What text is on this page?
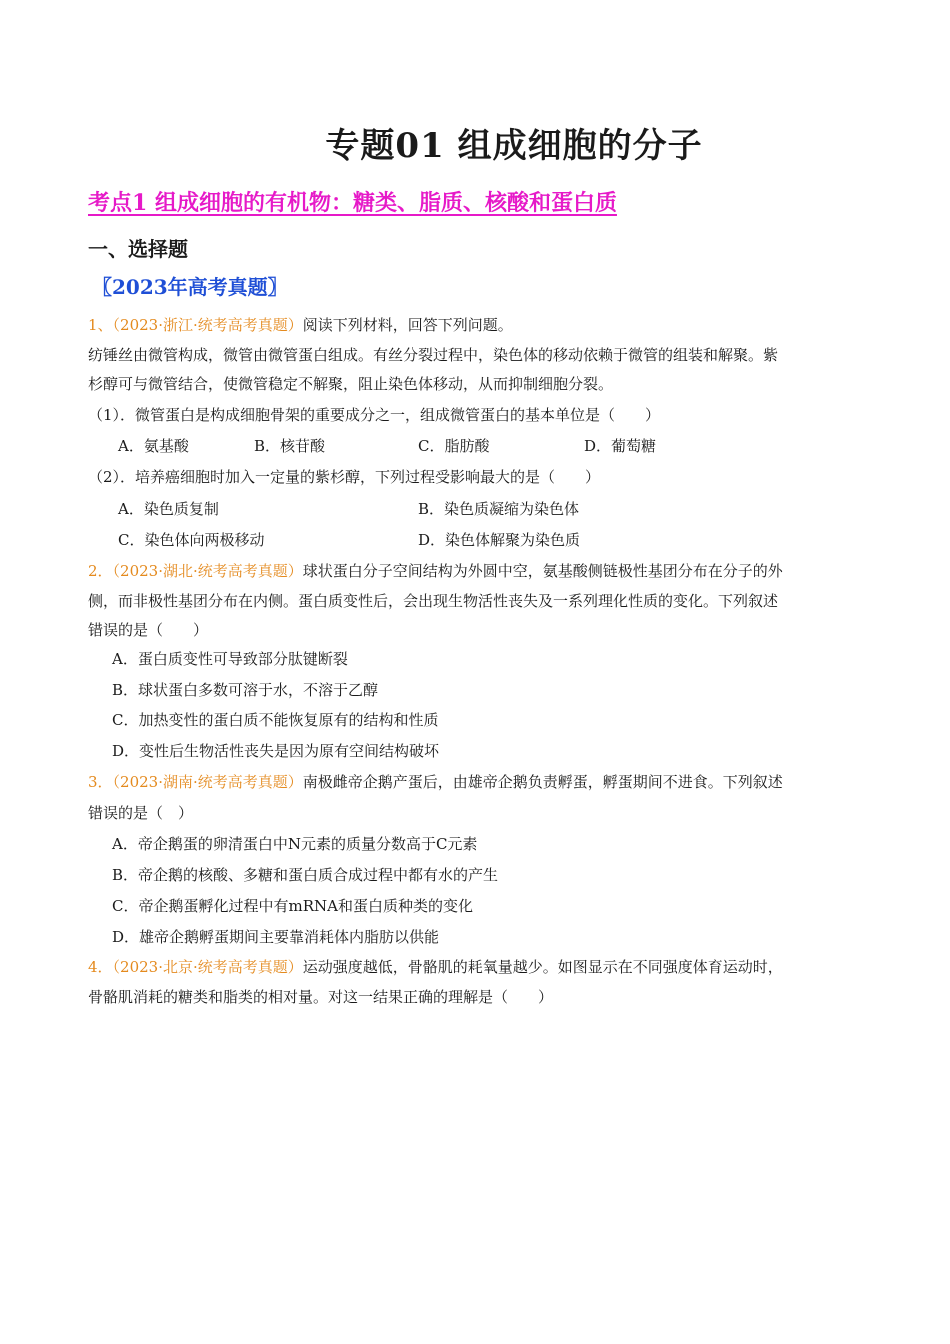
专题01 组成细胞的分子
考点1 组成细胞的有机物：糖类、脂质、核酸和蛋白质
一、选择题
〖2023年高考真题〗
1、（2023·浙江·统考高考真题）阅读下列材料，回答下列问题。
纺锤丝由微管构成，微管由微管蛋白组成。有丝分裂过程中，染色体的移动依赖于微管的组装和解聚。紫
杉醇可与微管结合，使微管稳定不解聚，阻止染色体移动，从而抑制细胞分裂。
（1）．微管蛋白是构成细胞骨架的重要成分之一，组成微管蛋白的基本单位是（　　）
A．氨基酸	B．核苷酸	C．脂肪酸	D．葡萄糖
（2）．培养癌细胞时加入一定量的紫杉醇，下列过程受影响最大的是（　　）
A．染色质复制	B．染色质凝缩为染色体
C．染色体向两极移动	D．染色体解聚为染色质
2．（2023·湖北·统考高考真题）球状蛋白分子空间结构为外圆中空，氨基酸侧链极性基团分布在分子的外
侧，而非极性基团分布在内侧。蛋白质变性后，会出现生物活性丧失及一系列理化性质的变化。下列叙述
错误的是（　　）
A．蛋白质变性可导致部分肽键断裂
B．球状蛋白多数可溶于水，不溶于乙醇
C．加热变性的蛋白质不能恢复原有的结构和性质
D．变性后生物活性丧失是因为原有空间结构破坏
3．（2023·湖南·统考高考真题）南极雌帝企鹅产蛋后，由雄帝企鹅负责孵蛋，孵蛋期间不进食。下列叙述
错误的是（　）
A．帝企鹅蛋的卵清蛋白中N元素的质量分数高于C元素
B．帝企鹅的核酸、多糖和蛋白质合成过程中都有水的产生
C．帝企鹅蛋孵化过程中有mRNA和蛋白质种类的变化
D．雄帝企鹅孵蛋期间主要靠消耗体内脂肪以供能
4．（2023·北京·统考高考真题）运动强度越低，骨骼肌的耗氧量越少。如图显示在不同强度体育运动时，
骨骼肌消耗的糖类和脂类的相对量。对这一结果正确的理解是（　　）
